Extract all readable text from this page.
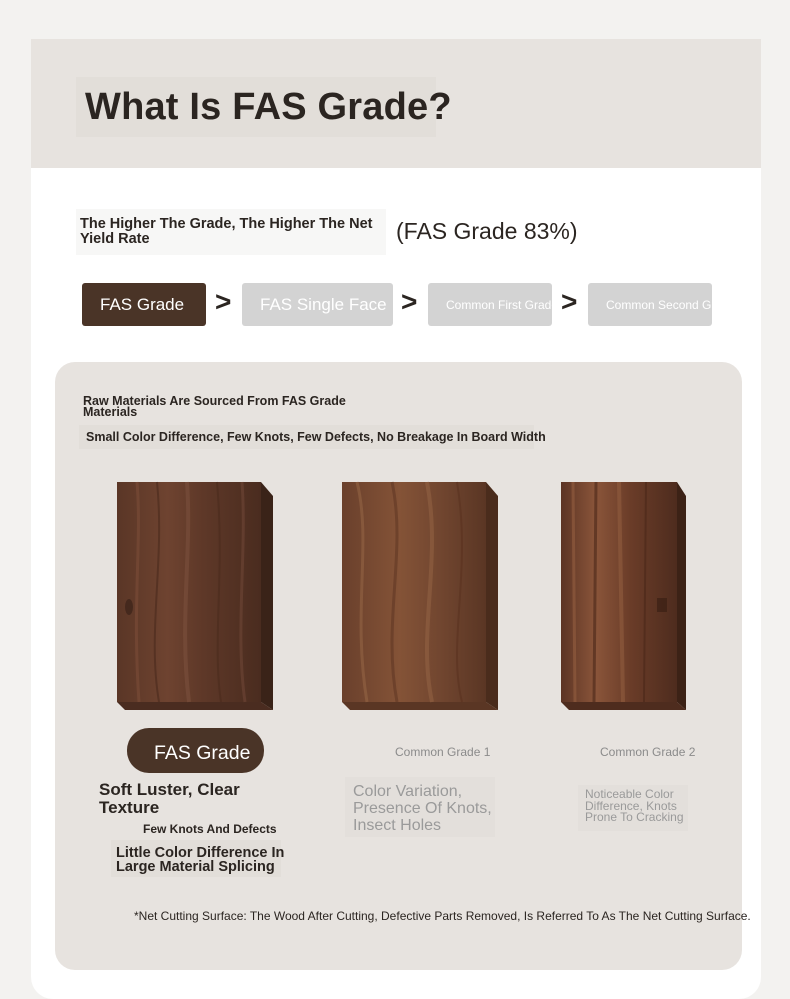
What Is FAS Grade?

The Higher The Grade, The Higher The Net Yield Rate	(FAS Grade 83%)

FAS Grade > FAS Single Face > Common First Grade > Common Second Grade

Raw Materials Are Sourced From FAS Grade Materials

Small Color Difference, Few Knots, Few Defects, No Breakage In Board Width

FAS Grade	Common Grade 1	Common Grade 2

Soft Luster, Clear Texture

Few Knots And Defects

Little Color Difference In Large Material Splicing

Color Variation, Presence Of Knots, Insect Holes

Noticeable Color Difference, Knots Prone To Cracking

*Net Cutting Surface: The Wood After Cutting, Defective Parts Removed, Is Referred To As The Net Cutting Surface.
